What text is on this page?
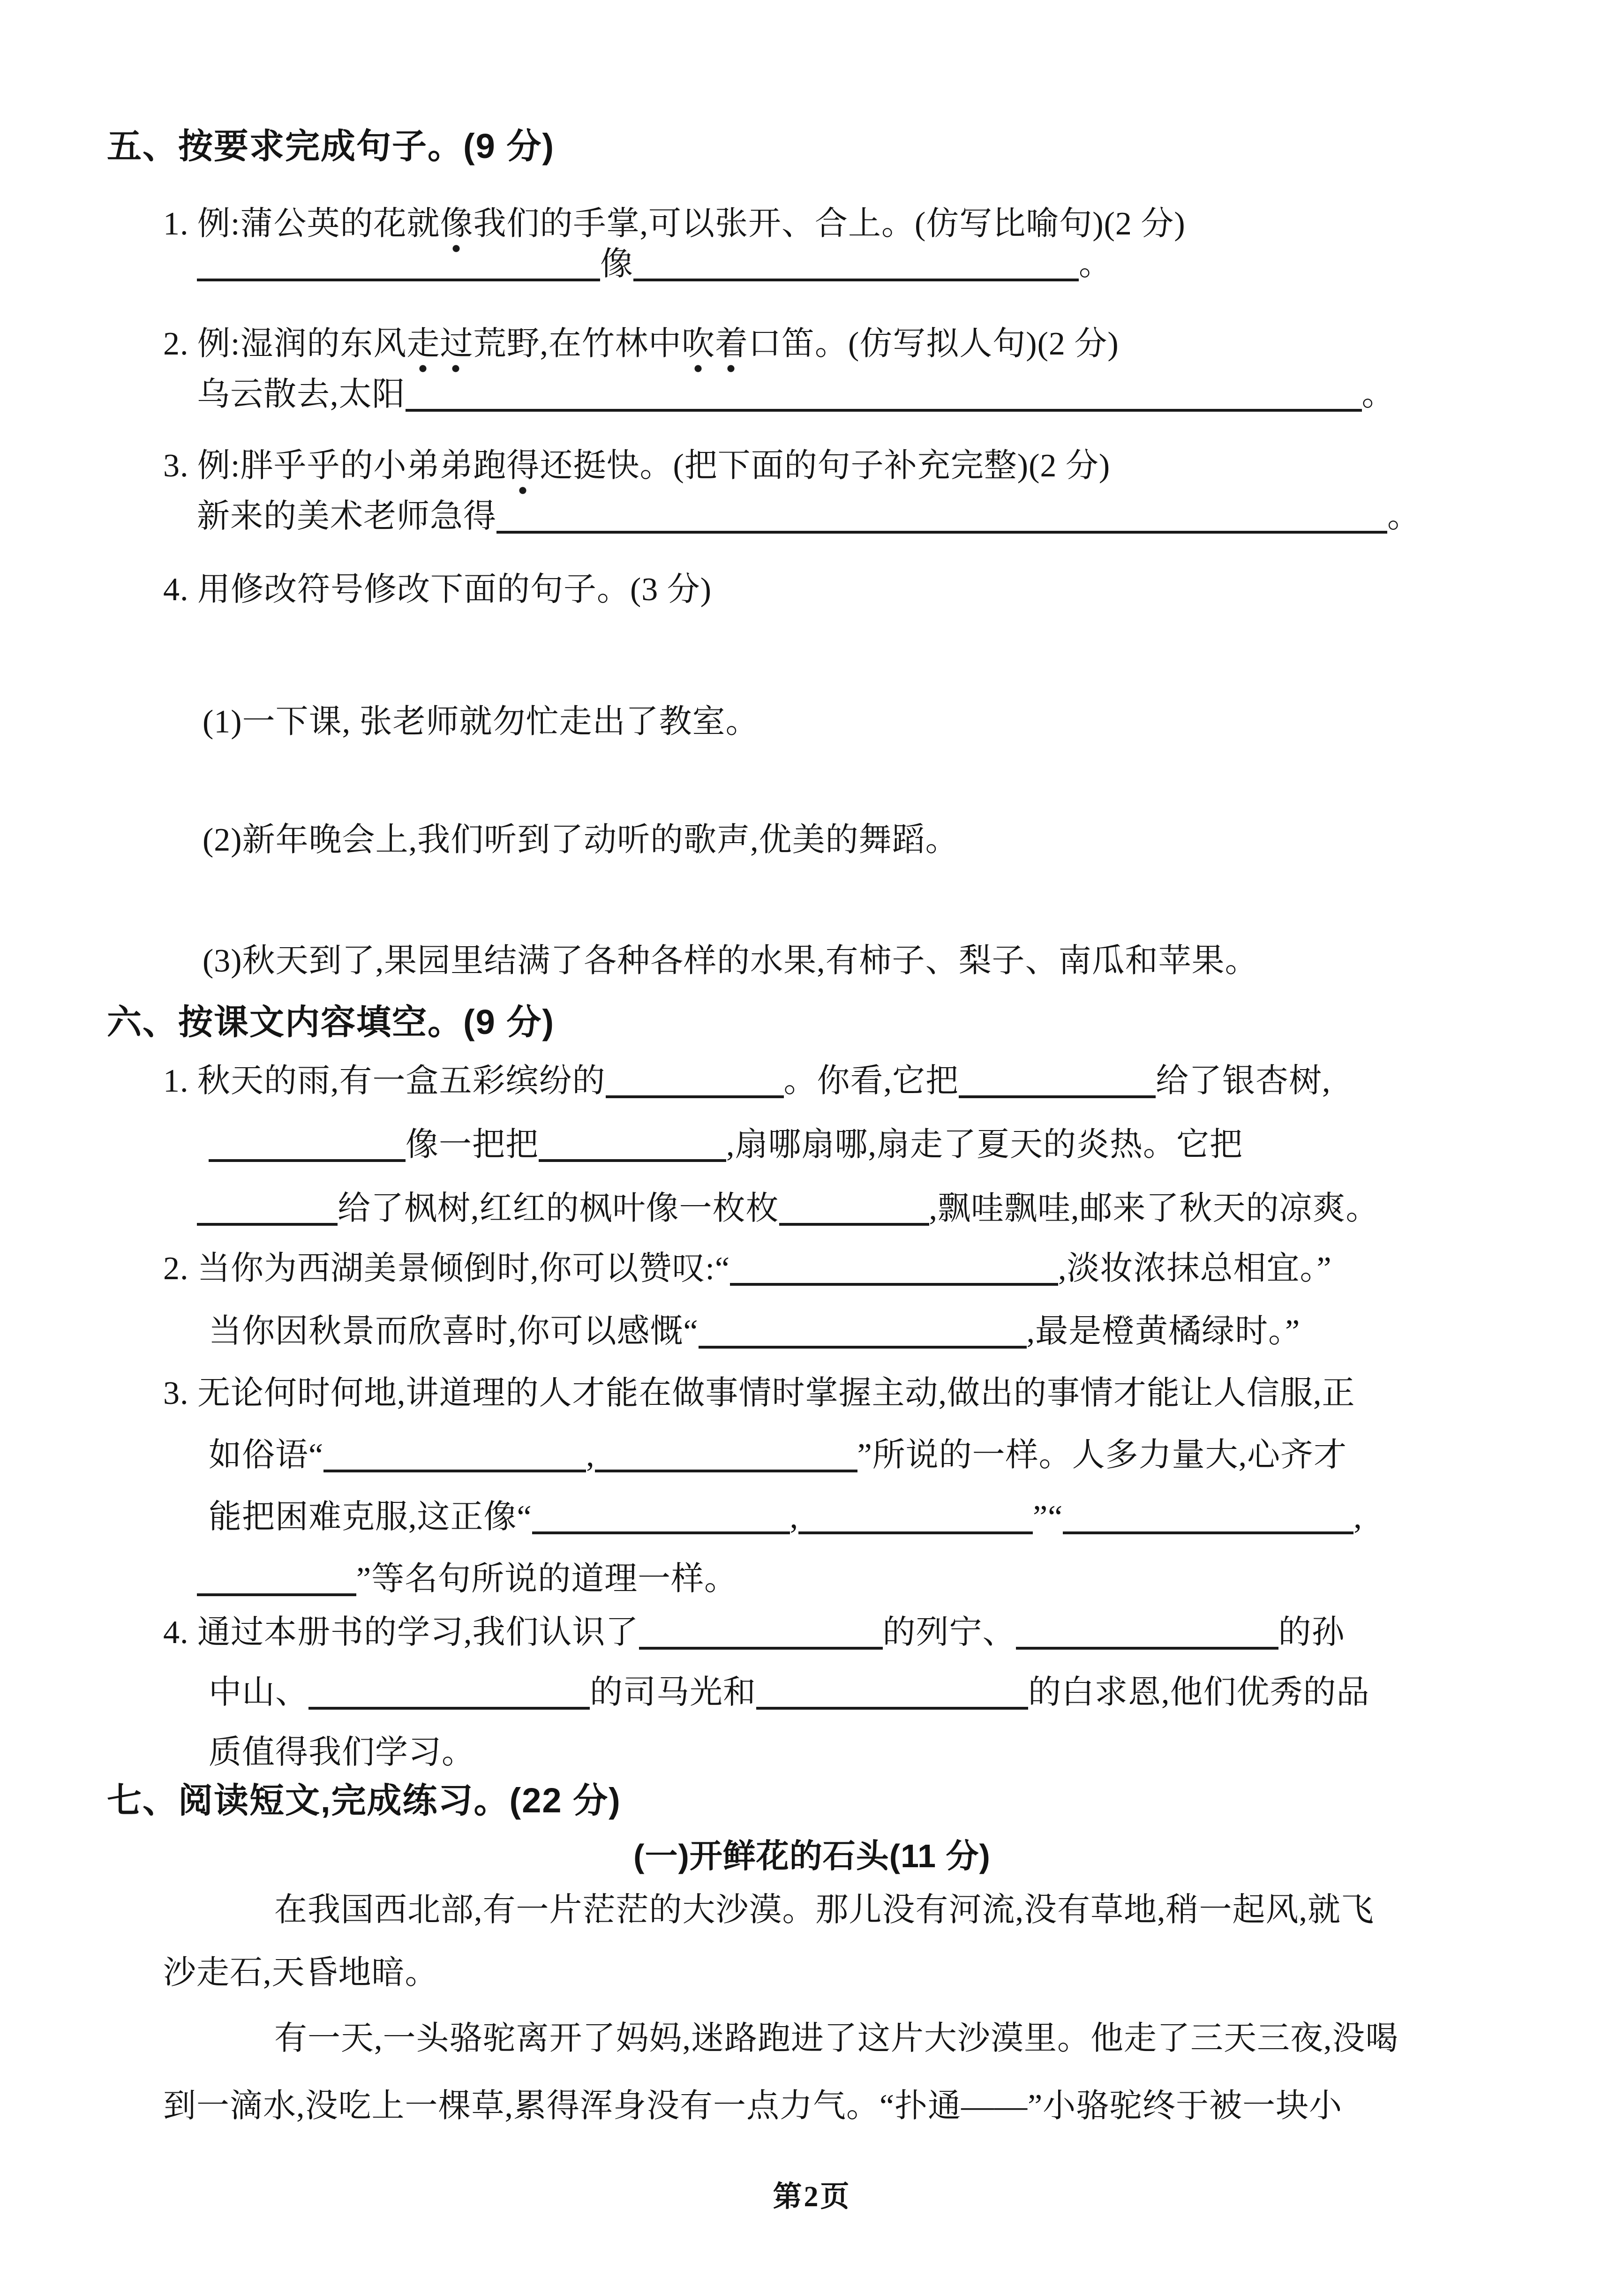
五、按要求完成句子。(9 分)
1. 例:蒲公英的花就像我们的手掌,可以张开、合上。(仿写比喻句)(2 分)
像	。
2. 例:湿润的东风走过荒野,在竹林中吹着口笛。(仿写拟人句)(2 分)
乌云散去,太阳	。
3. 例:胖乎乎的小弟弟跑得还挺快。(把下面的句子补充完整)(2 分)
新来的美术老师急得	。
4. 用修改符号修改下面的句子。(3 分)
(1)一下课, 张老师就勿忙走出了教室。
(2)新年晚会上,我们听到了动听的歌声,优美的舞蹈。
(3)秋天到了,果园里结满了各种各样的水果,有柿子、梨子、南瓜和苹果。
六、按课文内容填空。(9 分)
1. 秋天的雨,有一盒五彩缤纷的	。你看,它把	给了银杏树,
像一把把	,扇哪扇哪,扇走了夏天的炎热。它把
给了枫树,红红的枫叶像一枚枚	,飘哇飘哇,邮来了秋天的凉爽。
2. 当你为西湖美景倾倒时,你可以赞叹:“	,淡妆浓抹总相宜。”
当你因秋景而欣喜时,你可以感慨“	,最是橙黄橘绿时。”
3. 无论何时何地,讲道理的人才能在做事情时掌握主动,做出的事情才能让人信服,正
如俗语“	,	”所说的一样。人多力量大,心齐才
能把困难克服,这正像“	,	”“	,
”等名句所说的道理一样。
4. 通过本册书的学习,我们认识了	的列宁、	的孙
中山、	的司马光和	的白求恩,他们优秀的品
质值得我们学习。
七、阅读短文,完成练习。(22 分)
(一)开鲜花的石头(11 分)
在我国西北部,有一片茫茫的大沙漠。那儿没有河流,没有草地,稍一起风,就飞
沙走石,天昏地暗。
有一天,一头骆驼离开了妈妈,迷路跑进了这片大沙漠里。他走了三天三夜,没喝
到一滴水,没吃上一棵草,累得浑身没有一点力气。“扑通——”小骆驼终于被一块小
第2页
